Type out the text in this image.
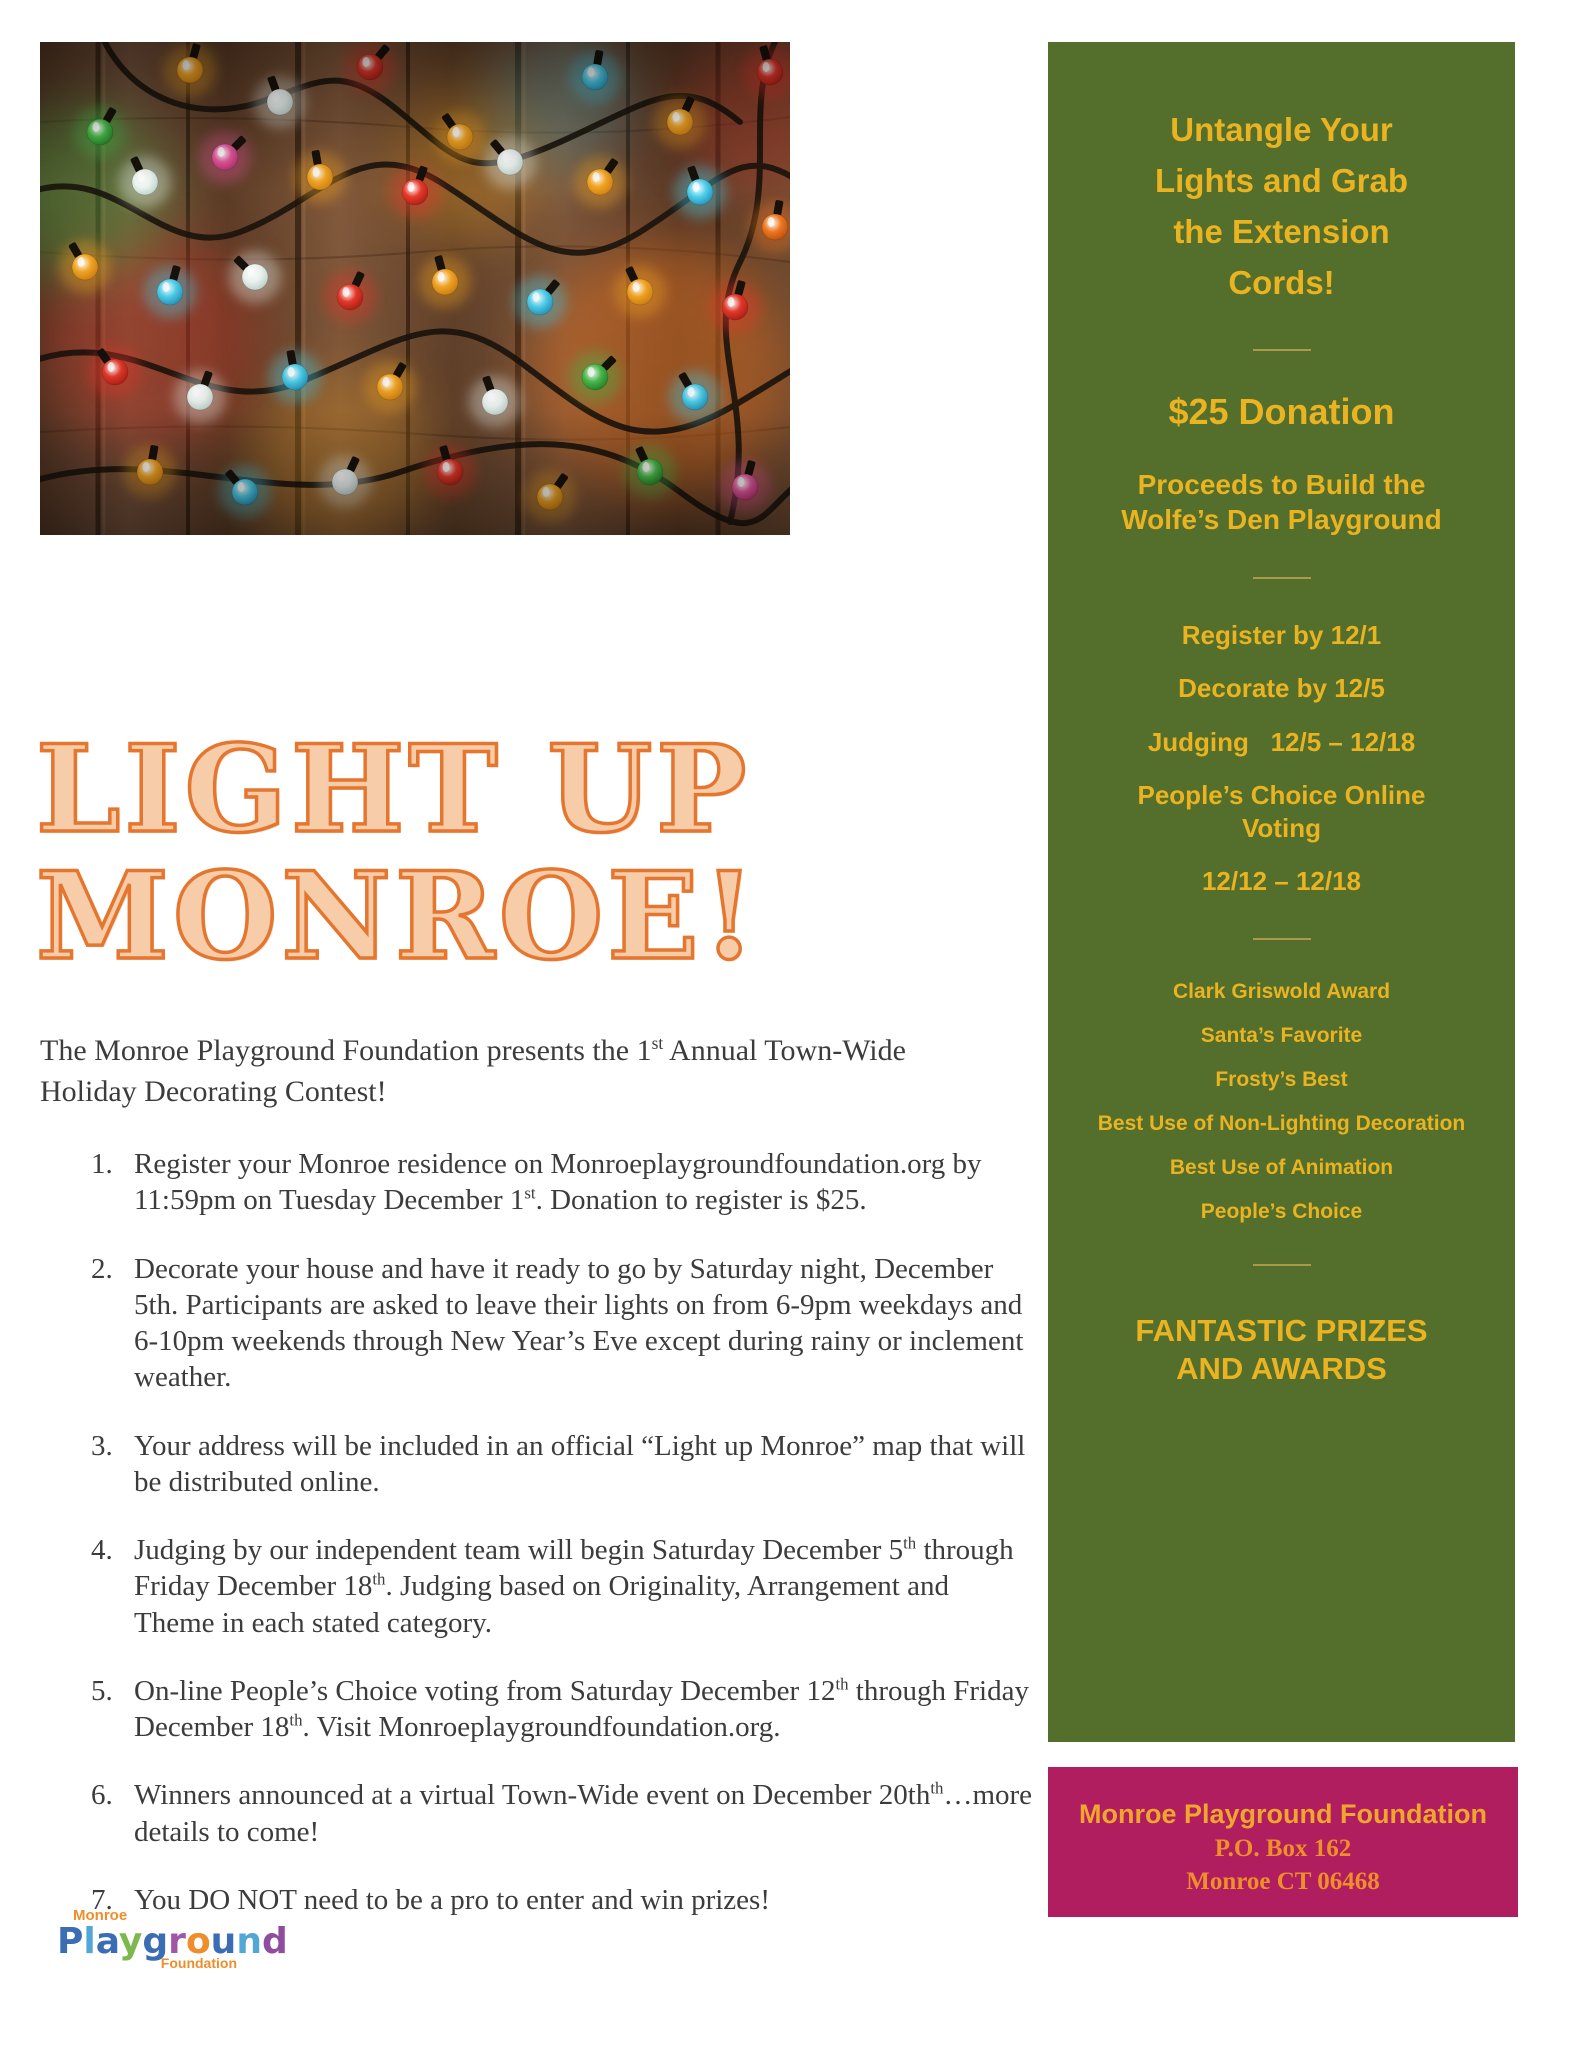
LIGHT UP
MONROE!

The Monroe Playground Foundation presents the 1st Annual Town-Wide Holiday Decorating Contest!

1. Register your Monroe residence on Monroeplaygroundfoundation.org by 11:59pm on Tuesday December 1st. Donation to register is $25.
2. Decorate your house and have it ready to go by Saturday night, December 5th. Participants are asked to leave their lights on from 6-9pm weekdays and 6-10pm weekends through New Year’s Eve except during rainy or inclement weather.
3. Your address will be included in an official “Light up Monroe” map that will be distributed online.
4. Judging by our independent team will begin Saturday December 5th through Friday December 18th. Judging based on Originality, Arrangement and Theme in each stated category.
5. On-line People’s Choice voting from Saturday December 12th through Friday December 18th. Visit Monroeplaygroundfoundation.org.
6. Winners announced at a virtual Town-Wide event on December $20th^{th}\dots more$ details to come!
7. You DO NOT need to be a pro to enter and win prizes!
Monroe
Playground
Foundation
Untangle Your Lights and Grab the Extension Cords!
$25 Donation
Proceeds to Build the Wolfe’s Den Playground
Register by 12/1
Decorate by 12/5
Judging   12/5 – 12/18
People’s Choice Online Voting
12/12 – 12/18
Clark Griswold Award
Santa’s Favorite
Frosty’s Best
Best Use of Non-Lighting Decoration
Best Use of Animation
People’s Choice
FANTASTIC PRIZES AND AWARDS
Monroe Playground Foundation
P.O. Box 162
Monroe CT 06468
